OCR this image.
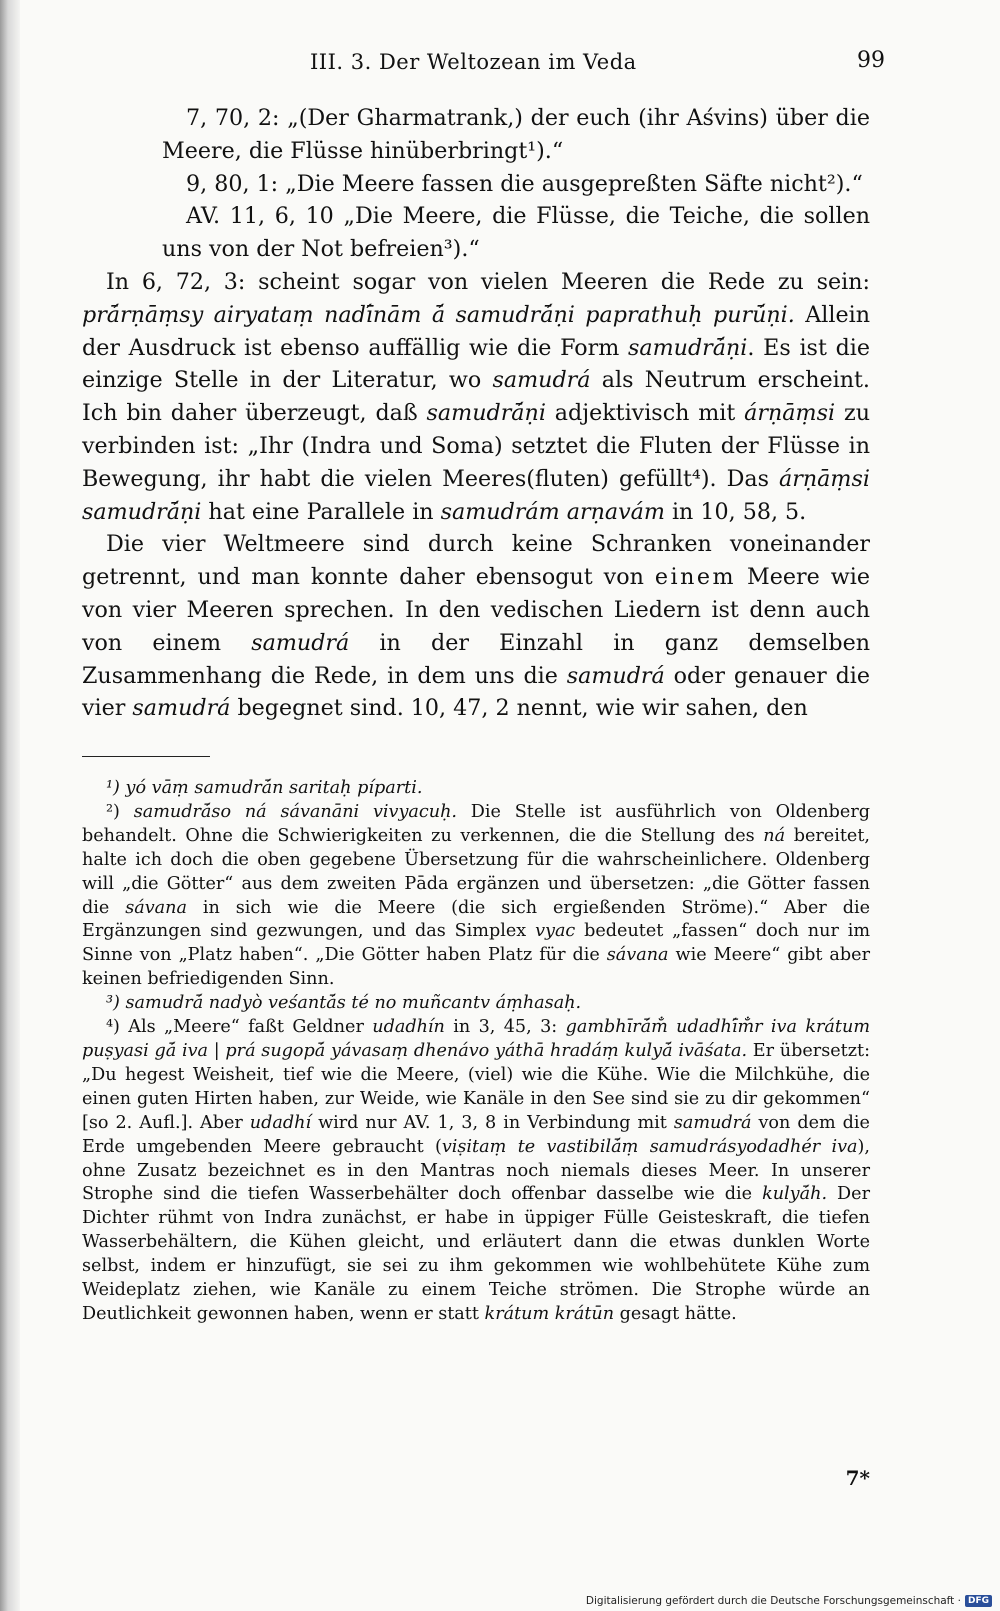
III. 3. Der Weltozean im Veda	99

7, 70, 2: „(Der Gharmatrank,) der euch (ihr Aśvins) über die Meere, die Flüsse hinüberbringt¹).“

9, 80, 1: „Die Meere fassen die ausgepreßten Säfte nicht²).“

AV. 11, 6, 10 „Die Meere, die Flüsse, die Teiche, die sollen uns von der Not befreien³).“

In 6, 72, 3: scheint sogar von vielen Meeren die Rede zu sein: prā́rṇāṃsy airyataṃ nadī́nām ā́ samudrā́ṇi paprathuḥ purū́ṇi. Allein der Ausdruck ist ebenso auffällig wie die Form samudrā́ṇi. Es ist die einzige Stelle in der Literatur, wo samudrá als Neutrum erscheint. Ich bin daher überzeugt, daß samudrā́ṇi adjektivisch mit árṇāṃsi zu verbinden ist: „Ihr (Indra und Soma) setztet die Fluten der Flüsse in Bewegung, ihr habt die vielen Meeres(fluten) gefüllt⁴). Das árṇāṃsi samudrā́ṇi hat eine Parallele in samudrám arṇavám in 10, 58, 5.

Die vier Weltmeere sind durch keine Schranken voneinander getrennt, und man konnte daher ebensogut von einem Meere wie von vier Meeren sprechen. In den vedischen Liedern ist denn auch von einem samudrá in der Einzahl in ganz demselben Zusammenhang die Rede, in dem uns die samudrá oder genauer die vier samudrá begegnet sind. 10, 47, 2 nennt, wie wir sahen, den

¹) yó vāṃ samudrā́n saritaḥ píparti.

²) samudrā́so ná sávanāni vivyacuḥ. Die Stelle ist ausführlich von Oldenberg behandelt. Ohne die Schwierigkeiten zu verkennen, die die Stellung des ná bereitet, halte ich doch die oben gegebene Übersetzung für die wahrscheinlichere. Oldenberg will „die Götter“ aus dem zweiten Pāda ergänzen und übersetzen: „die Götter fassen die sávana in sich wie die Meere (die sich ergießenden Ströme).“ Aber die Ergänzungen sind gezwungen, und das Simplex vyac bedeutet „fassen“ doch nur im Sinne von „Platz haben“. „Die Götter haben Platz für die sávana wie Meere“ gibt aber keinen befriedigenden Sinn.

³) samudrā́ nadyò veśantā́s té no muñcantv áṃhasaḥ.

⁴) Als „Meere“ faßt Geldner udadhín in 3, 45, 3: gambhīrā́m̐ udadhī́m̐r iva krátum puṣyasi gā́ iva | prá sugopā́ yávasaṃ dhenávo yáthā hradáṃ kulyā́ ivāśata. Er übersetzt: „Du hegest Weisheit, tief wie die Meere, (viel) wie die Kühe. Wie die Milchkühe, die einen guten Hirten haben, zur Weide, wie Kanäle in den See sind sie zu dir gekommen“ [so 2. Aufl.]. Aber udadhí wird nur AV. 1, 3, 8 in Verbindung mit samudrá von dem die Erde umgebenden Meere gebraucht (viṣitaṃ te vastibilā́ṃ samudrásyodadhér iva), ohne Zusatz bezeichnet es in den Mantras noch niemals dieses Meer. In unserer Strophe sind die tiefen Wasserbehälter doch offenbar dasselbe wie die kulyā́h. Der Dichter rühmt von Indra zunächst, er habe in üppiger Fülle Geisteskraft, die tiefen Wasserbehältern, die Kühen gleicht, und erläutert dann die etwas dunklen Worte selbst, indem er hinzufügt, sie sei zu ihm gekommen wie wohlbehütete Kühe zum Weideplatz ziehen, wie Kanäle zu einem Teiche strömen. Die Strophe würde an Deutlichkeit gewonnen haben, wenn er statt krátum krátūn gesagt hätte.

7*
Digitalisierung gefördert durch die Deutsche Forschungsgemeinschaft · DFG
